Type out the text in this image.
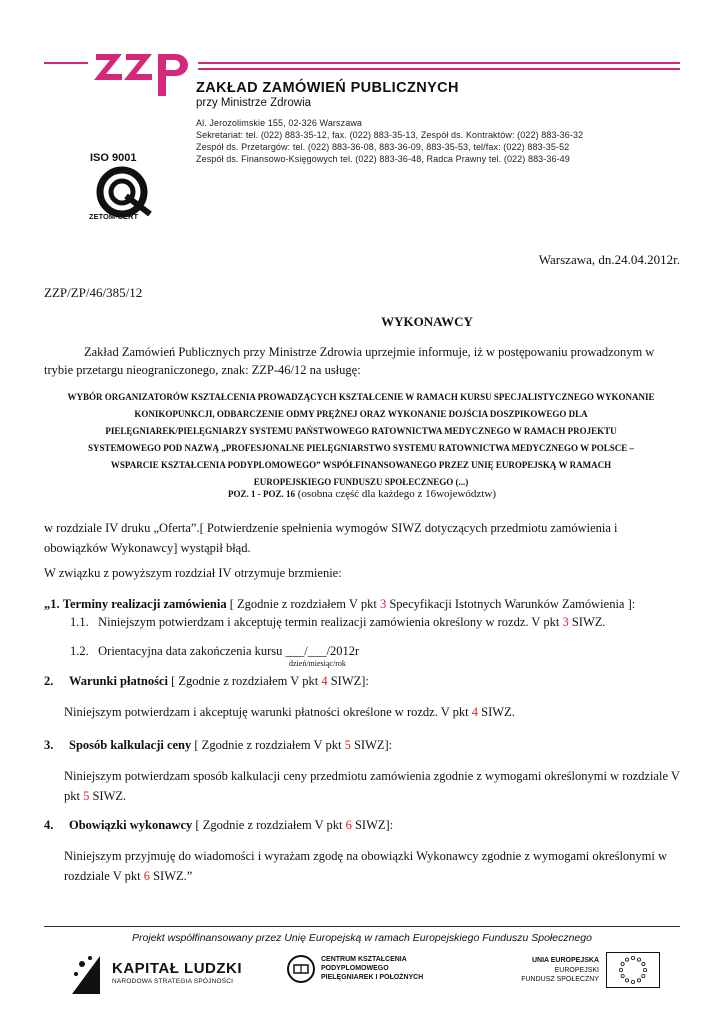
ZAKŁAD ZAMÓWIEŃ PUBLICZNYCH
przy Ministrze Zdrowia
Al. Jerozolimskie 155, 02-326 Warszawa
Sekretariat: tel. (022) 883-35-12, fax. (022) 883-35-13, Zespół ds. Kontraktów: (022) 883-36-32
Zespół ds. Przetargów: tel. (022) 883-36-08, 883-36-09, 883-35-53, tel/fax: (022) 883-35-52
Zespół ds. Finansowo-Księgowych tel. (022) 883-36-48, Radca Prawny tel. (022) 883-36-49
ISO 9001
ZETOM-CERT
Warszawa, dn.24.04.2012r.
ZZP/ZP/46/385/12
WYKONAWCY
Zakład Zamówień Publicznych przy Ministrze Zdrowia uprzejmie informuje, iż w postępowaniu prowadzonym w trybie przetargu nieograniczonego, znak: ZZP-46/12 na usługę:
WYBÓR ORGANIZATORÓW KSZTAŁCENIA PROWADZĄCYCH KSZTAŁCENIE W RAMACH KURSU SPECJALISTYCZNEGO WYKONANIE
KONIKOPUNKCJI, ODBARCZENIE ODMY PRĘŻNEJ ORAZ WYKONANIE DOJŚCIA DOSZPIKOWEGO DLA
PIELĘGNIAREK/PIELĘGNIARZY SYSTEMU PAŃSTWOWEGO RATOWNICTWA MEDYCZNEGO W RAMACH PROJEKTU
SYSTEMOWEGO POD NAZWĄ „PROFESJONALNE PIELĘGNIARSTWO SYSTEMU RATOWNICTWA MEDYCZNEGO W POLSCE –
WSPARCIE KSZTAŁCENIA PODYPLOMOWEGO” WSPÓŁFINANSOWANEGO PRZEZ UNIĘ EUROPEJSKĄ W RAMACH
EUROPEJSKIEGO FUNDUSZU SPOŁECZNEGO (...)
POZ. 1 - POZ. 16 (osobna część dla każdego z 16województw)
w rozdziale IV druku „Oferta”.[ Potwierdzenie spełnienia wymogów SIWZ dotyczących przedmiotu zamówienia i obowiązków Wykonawcy] wystąpił błąd.
W związku z powyższym rozdział IV otrzymuje brzmienie:
„1. Terminy realizacji zamówienia [ Zgodnie z rozdziałem V pkt 3 Specyfikacji Istotnych Warunków Zamówienia ]:
1.1. Niniejszym potwierdzam i akceptuję termin realizacji zamówienia określony w rozdz. V pkt 3 SIWZ.
1.2. Orientacyjna data zakończenia kursu ___/___/2012r
dzień/miesiąc/rok
2. Warunki płatności [ Zgodnie z rozdziałem V pkt 4 SIWZ]:
Niniejszym potwierdzam i akceptuję warunki płatności określone w rozdz. V pkt 4 SIWZ.
3. Sposób kalkulacji ceny [ Zgodnie z rozdziałem V pkt 5 SIWZ]:
Niniejszym potwierdzam sposób kalkulacji ceny przedmiotu zamówienia zgodnie z wymogami określonymi w rozdziale V pkt 5 SIWZ.
4. Obowiązki wykonawcy [ Zgodnie z rozdziałem V pkt 6 SIWZ]:
Niniejszym przyjmuję do wiadomości i wyrażam zgodę na obowiązki Wykonawcy zgodnie z wymogami określonymi w rozdziale V pkt 6 SIWZ.”
Projekt współfinansowany przez Unię Europejską w ramach Europejskiego Funduszu Społecznego
KAPITAŁ LUDZKI
NARODOWA STRATEGIA SPÓJNOŚCI
CENTRUM KSZTAŁCENIA
PODYPLOMOWEGO
PIELĘGNIAREK I POŁOŻNYCH
UNIA EUROPEJSKA
EUROPEJSKI
FUNDUSZ SPOŁECZNY
